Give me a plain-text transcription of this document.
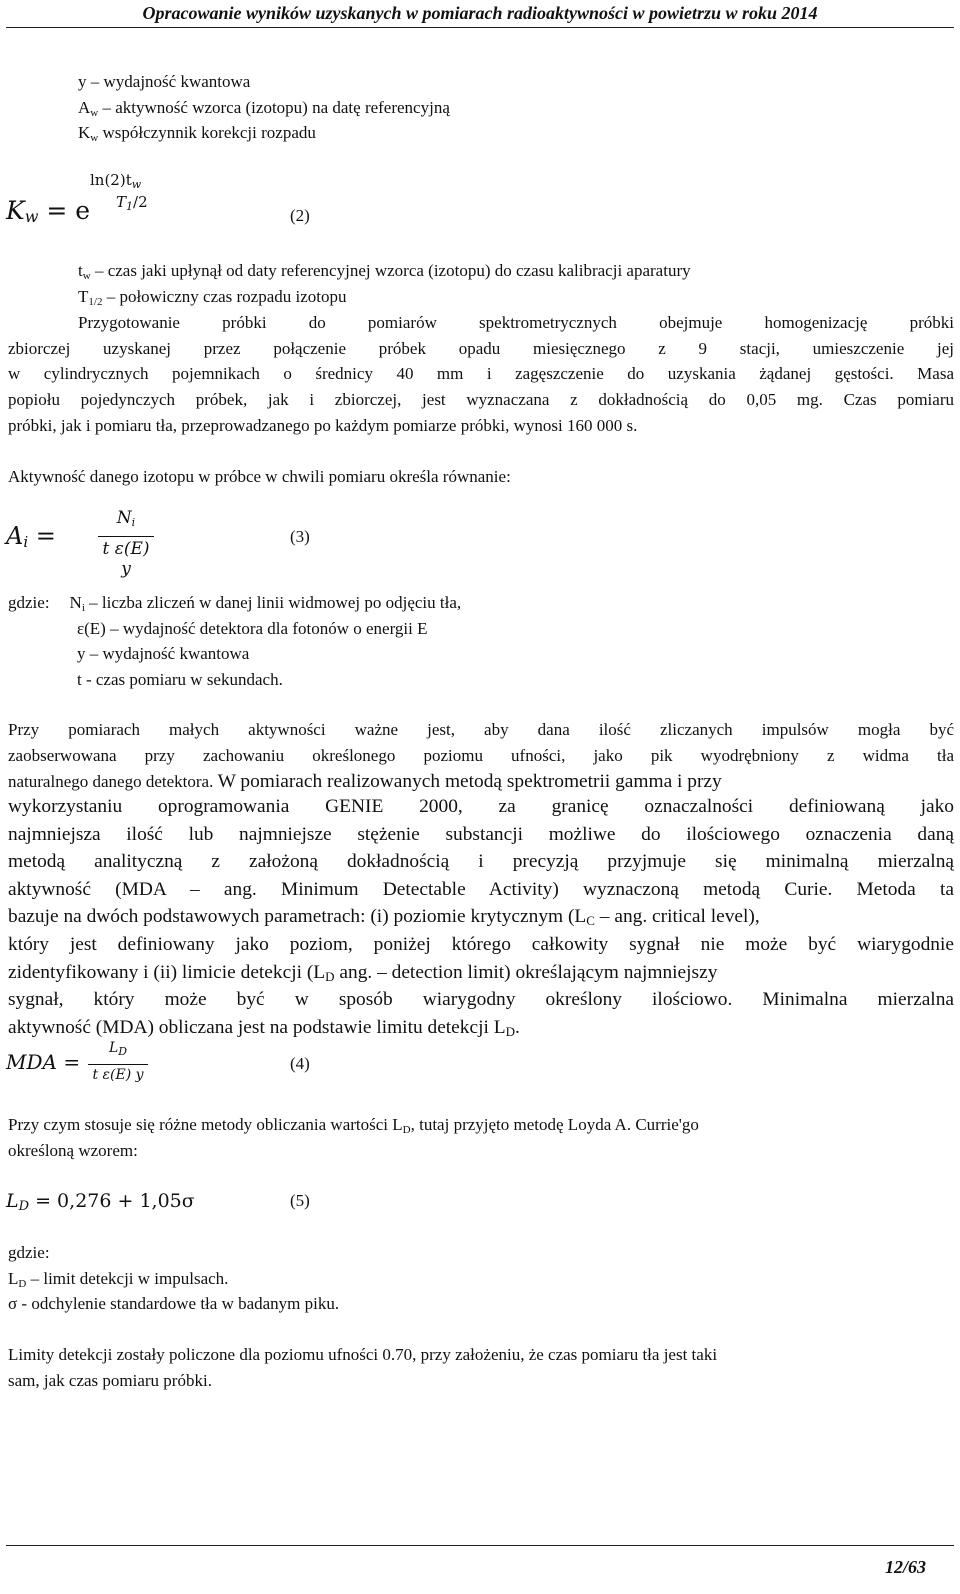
Opracowanie wyników uzyskanych w pomiarach radioaktywności w powietrzu w roku 2014
y – wydajność kwantowa
$A_w$ – aktywność wzorca (izotopu) na datę referencyjną
$K_w$ współczynnik korekcji rozpadu
Kw = e
$\ln(2)t_w$
$T_1/2$
(2)
$t_w$ – czas jaki upłynął od daty referencyjnej wzorca (izotopu) do czasu kalibracji aparatury
$T_{1/2}$ – połowiczny czas rozpadu izotopu
Przygotowanie próbki do pomiarów spektrometrycznych obejmuje homogenizację próbki
zbiorczej uzyskanej przez połączenie próbek opadu miesięcznego z 9 stacji, umieszczenie jej
w cylindrycznych pojemnikach o średnicy 40 mm i zagęszczenie do uzyskania żądanej gęstości. Masa
popiołu pojedynczych próbek, jak i zbiorczej, jest wyznaczana z dokładnością do 0,05 mg. Czas pomiaru
próbki, jak i pomiaru tła, przeprowadzanego po każdym pomiarze próbki, wynosi 160 000 s.
Aktywność danego izotopu w próbce w chwili pomiaru określa równanie:
Ai =
$N_i$
t ε(E) y
(3)
gdzie: $N_i$ – liczba zliczeń w danej linii widmowej po odjęciu tła,
ε(E) – wydajność detektora dla fotonów o energii E
y – wydajność kwantowa
t - czas pomiaru w sekundach.
Przy pomiarach małych aktywności ważne jest, aby dana ilość zliczanych impulsów mogła być
zaobserwowana przy zachowaniu określonego poziomu ufności, jako pik wyodrębniony z widma tła
naturalnego danego detektora. W pomiarach realizowanych metodą spektrometrii gamma i przy
wykorzystaniu oprogramowania GENIE 2000, za granicę oznaczalności definiowaną jako
najmniejsza ilość lub najmniejsze stężenie substancji możliwe do ilościowego oznaczenia daną
metodą analityczną z założoną dokładnością i precyzją przyjmuje się minimalną mierzalną
aktywność (MDA – ang. Minimum Detectable Activity) wyznaczoną metodą Curie. Metoda ta
bazuje na dwóch podstawowych parametrach: (i) poziomie krytycznym ($L_C$ – ang. critical level),
który jest definiowany jako poziom, poniżej którego całkowity sygnał nie może być wiarygodnie
zidentyfikowany i (ii) limicie detekcji ($L_D$ ang. – detection limit) określającym najmniejszy
sygnał, który może być w sposób wiarygodny określony ilościowo. Minimalna mierzalna
aktywność (MDA) obliczana jest na podstawie limitu detekcji $L_D$.
MDA =
$L_D$
t ε(E) y
(4)
Przy czym stosuje się różne metody obliczania wartości $L_D$, tutaj przyjęto metodę Loyda A. Currie'go
określoną wzorem:
LD = 0,276 + 1,05σ	(5)
gdzie:
$L_D$ – limit detekcji w impulsach.
σ - odchylenie standardowe tła w badanym piku.
Limity detekcji zostały policzone dla poziomu ufności 0.70, przy założeniu, że czas pomiaru tła jest taki
sam, jak czas pomiaru próbki.
12/63
